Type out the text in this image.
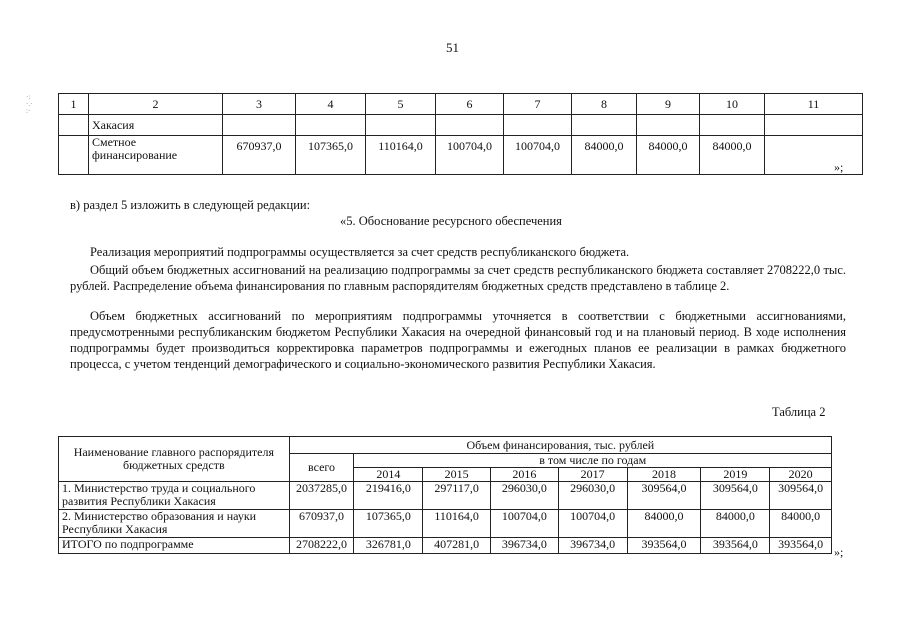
51
·:
·.·
:·	1	2	3	4	5	6	7	8	9	10	11
	Хакасия									
	Сметное финансирование	670937,0	107365,0	110164,0	100704,0	100704,0	84000,0	84000,0	84000,0	
»;
в) раздел 5 изложить в следующей редакции:
«5. Обоснование ресурсного обеспечения
Реализация мероприятий подпрограммы осуществляется за счет средств республиканского бюджета.
Общий объем бюджетных ассигнований на реализацию подпрограммы за счет средств республиканского бюджета составляет 2708222,0 тыс. рублей. Распределение объема финансирования по главным распорядителям бюджетных средств представлено в таблице 2.
Объем бюджетных ассигнований по мероприятиям подпрограммы уточняется в соответствии с бюджетными ассигнованиями, предусмотренными республиканским бюджетом Республики Хакасия на очередной финансовый год и на плановый период. В ходе исполнения подпрограммы будет производиться корректировка параметров подпрограммы и ежегодных планов ее реализации в рамках бюджетного процесса, с учетом тенденций демографического и социально-экономического развития Республики Хакасия.
Таблица 2
Наименование главного распорядителя бюджетных средств	Объем финансирования, тыс. рублей							
	всего	в том числе по годам						
		2014	2015	2016	2017	2018	2019	2020
1. Министерство труда и социального развития Республики Хакасия	2037285,0	219416,0	297117,0	296030,0	296030,0	309564,0	309564,0	309564,0
2. Министерство образования и науки Республики Хакасия	670937,0	107365,0	110164,0	100704,0	100704,0	84000,0	84000,0	84000,0
ИТОГО по подпрограмме	2708222,0	326781,0	407281,0	396734,0	396734,0	393564,0	393564,0	393564,0
»;
